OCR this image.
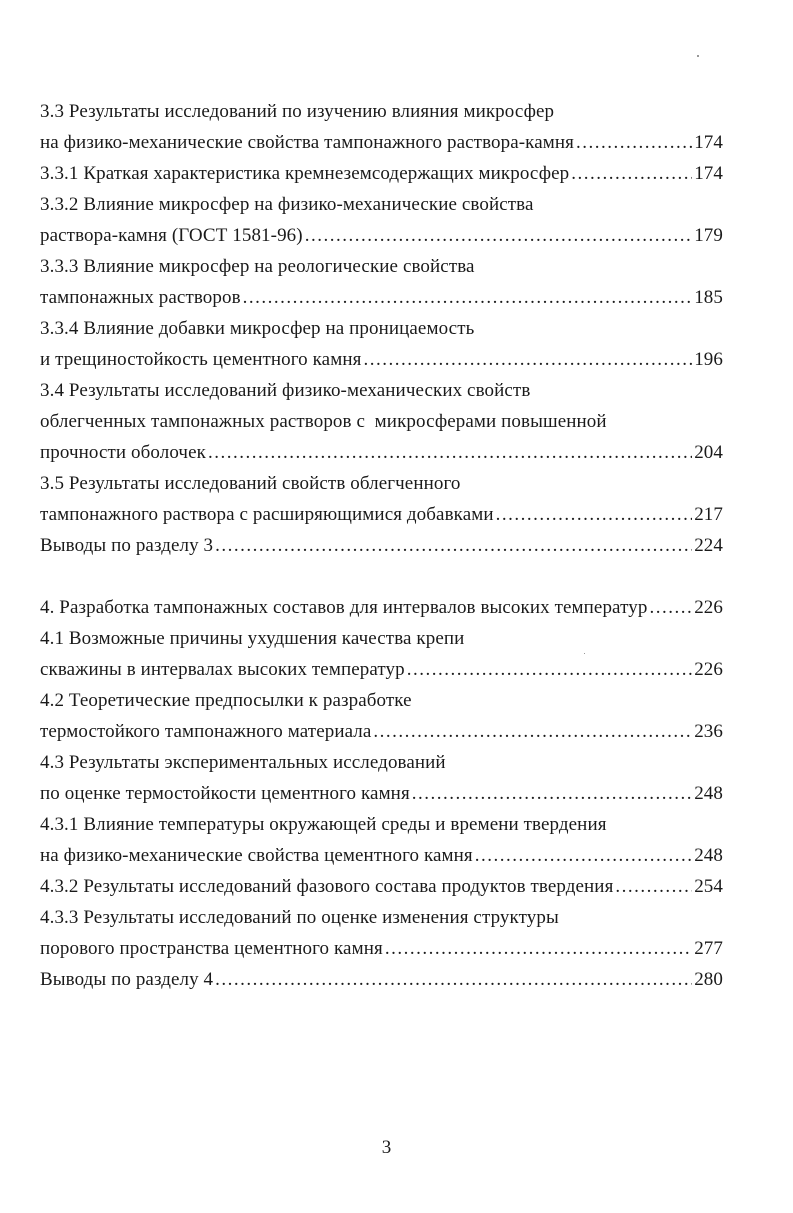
3.3 Результаты исследований по изучению влияния микросфер
на физико-механические свойства тампонажного раствора-камня .....	174
3.3.1 Краткая характеристика кремнеземсодержащих микросфер .....	174
3.3.2 Влияние микросфер на физико-механические свойства
раствора-камня (ГОСТ 1581-96) .....	179
3.3.3 Влияние микросфер на реологические свойства
тампонажных растворов .....	185
3.3.4 Влияние добавки микросфер на проницаемость
и трещиностойкость цементного камня .....	196
3.4 Результаты исследований физико-механических свойств
облегченных тампонажных растворов с  микросферами повышенной
прочности оболочек .....	204
3.5 Результаты исследований свойств облегченного
тампонажного раствора с расширяющимися добавками .....	217
Выводы по разделу 3 .....	224
4. Разработка тампонажных составов для интервалов высоких температур ..... 226
4.1 Возможные причины ухудшения качества крепи
скважины в интервалах высоких температур .....	226
4.2 Теоретические предпосылки к разработке
термостойкого тампонажного материала .....	236
4.3 Результаты экспериментальных исследований
по оценке термостойкости цементного камня .....	248
4.3.1 Влияние температуры окружающей среды и времени твердения
на физико-механические свойства цементного камня .....	248
4.3.2 Результаты исследований фазового состава продуктов твердения .....	254
4.3.3 Результаты исследований по оценке изменения структуры
порового пространства цементного камня .....	277
Выводы по разделу 4 .....	280
3
